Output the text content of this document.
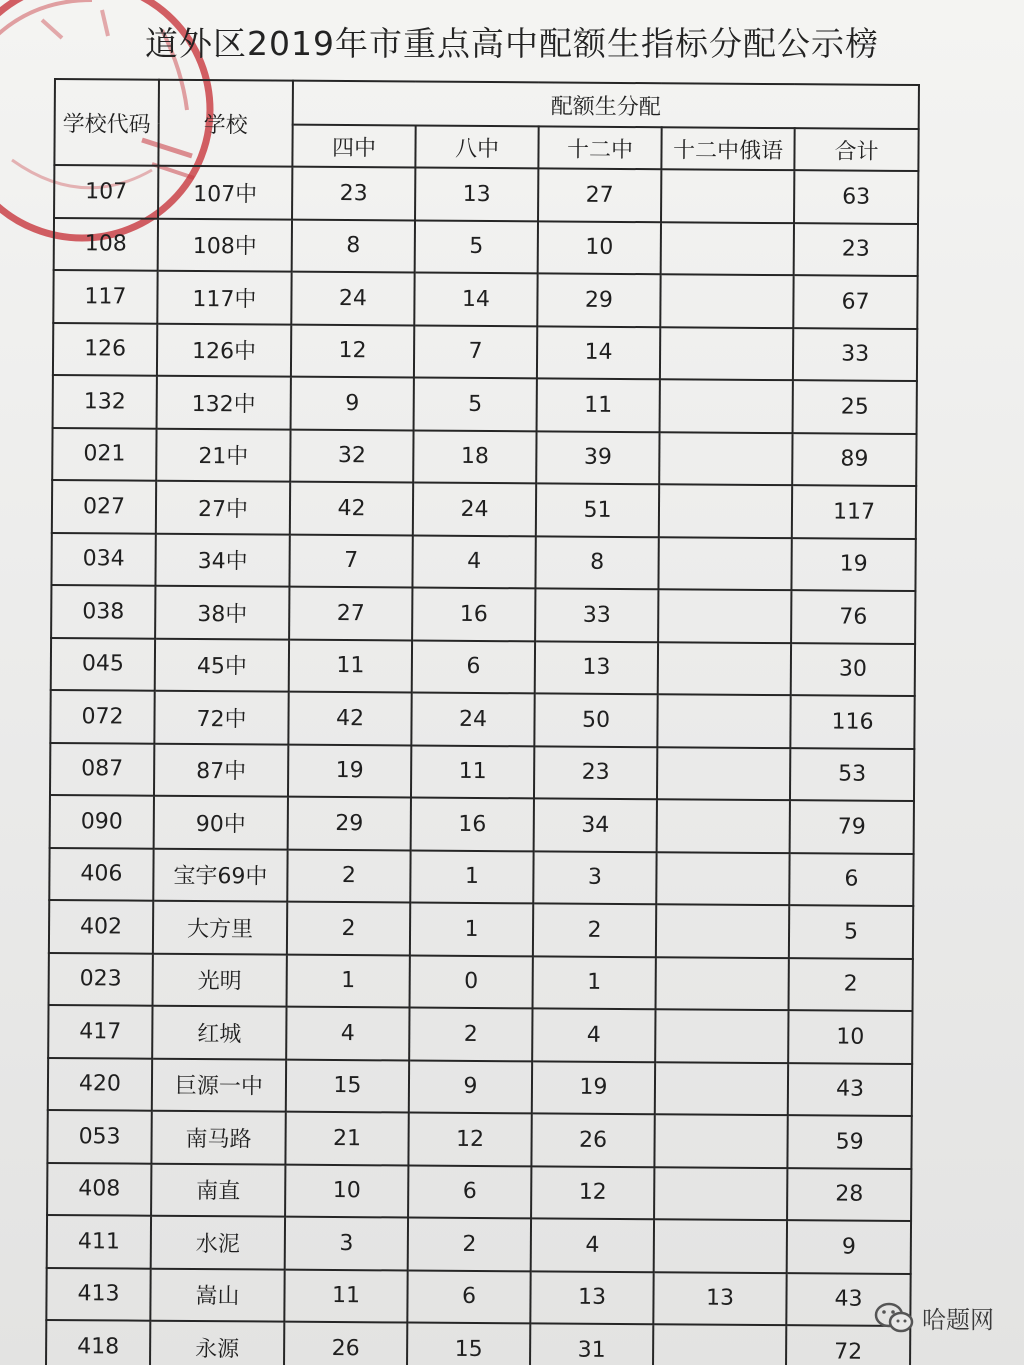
道外区2019年市重点高中配额生指标分配公示榜
学校代码	学校	配额生分配				
		四中	八中	十二中	十二中俄语	合计
107	107中	23	13	27		63
108	108中	8	5	10		23
117	117中	24	14	29		67
126	126中	12	7	14		33
132	132中	9	5	11		25
021	21中	32	18	39		89
027	27中	42	24	51		117
034	34中	7	4	8		19
038	38中	27	16	33		76
045	45中	11	6	13		30
072	72中	42	24	50		116
087	87中	19	11	23		53
090	90中	29	16	34		79
406	宝宇69中	2	1	3		6
402	大方里	2	1	2		5
023	光明	1	0	1		2
417	红城	4	2	4		10
420	巨源一中	15	9	19		43
053	南马路	21	12	26		59
408	南直	10	6	12		28
411	水泥	3	2	4		9
413	嵩山	11	6	13	13	43
418	永源	26	15	31		72
哈题网
